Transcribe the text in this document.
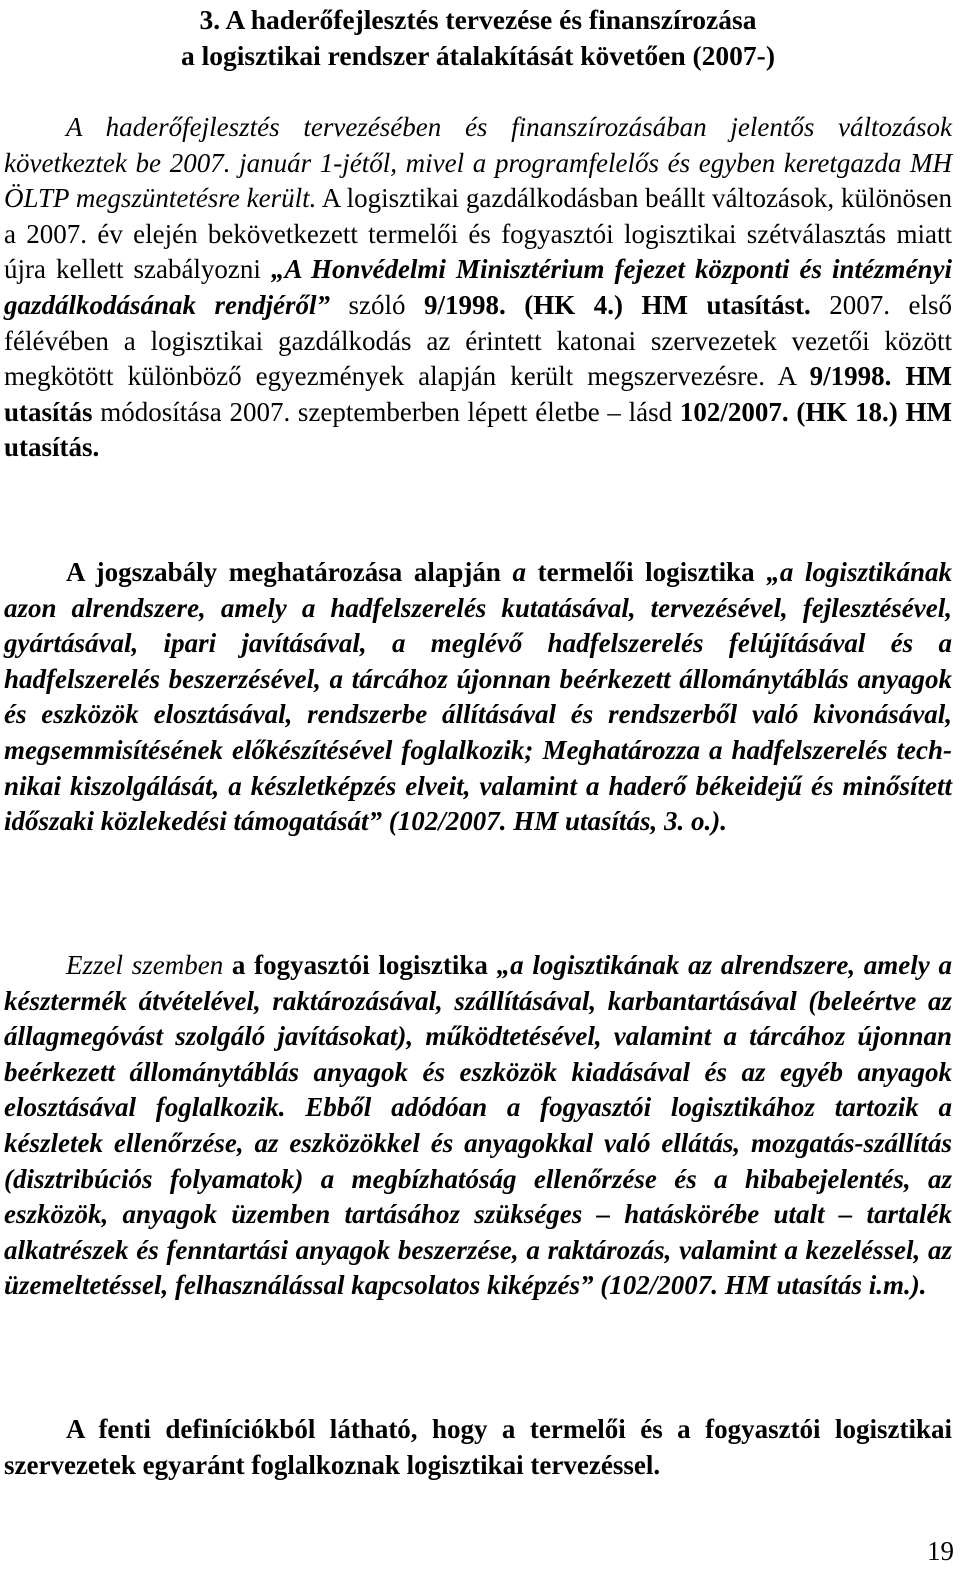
3. A haderőfejlesztés tervezése és finanszírozása
a logisztikai rendszer átalakítását követően (2007-)

A haderőfejlesztés tervezésében és finanszírozásában jelentős változások következtek be 2007. január 1-jétől, mivel a programfelelős és egyben keretgazda MH ÖLTP megszüntetésre került. A logisztikai gazdálkodásban beállt változások, különösen a 2007. év elején bekövetkezett termelői és fogyasztói logisztikai szétválasztás miatt újra kellett szabályozni „A Honvédelmi Minisztérium fejezet központi és intézményi gazdálkodásának rendjéről” szóló 9/1998. (HK 4.) HM utasítást. 2007. első félévében a logisztikai gazdálkodás az érintett katonai szervezetek vezetői között megkötött különböző egyezmények alapján került megszervezésre. A 9/1998. HM utasítás módosítása 2007. szeptemberben lépett életbe – lásd 102/2007. (HK 18.) HM utasítás.

A jogszabály meghatározása alapján a termelői logisztika „a logisztikának azon alrendszere, amely a hadfelszerelés kutatásával, tervezésével, fejlesztésével, gyártásával, ipari javításával, a meglévő hadfelszerelés felújításával és a hadfelszerelés beszerzésével, a tárcához újonnan beérkezett állománytáblás anyagok és eszközök elosztásával, rendszerbe állításával és rendszerből való kivonásával, megsemmisítésének előkészítésével foglalkozik; Meghatározza a hadfelszerelés technikai kiszolgálását, a készletképzés elveit, valamint a haderő békeidejű és minősített időszaki közlekedési támogatását” (102/2007. HM utasítás, 3. o.).

Ezzel szemben a fogyasztói logisztika „a logisztikának az alrendszere, amely a késztermék átvételével, raktározásával, szállításával, karbantartásával (beleértve az állagmegóvást szolgáló javításokat), működtetésével, valamint a tárcához újonnan beérkezett állománytáblás anyagok és eszközök kiadásával és az egyéb anyagok elosztásával foglalkozik. Ebből adódóan a fogyasztói logisztikához tartozik a készletek ellenőrzése, az eszközökkel és anyagokkal való ellátás, mozgatás-szállítás (disztribúciós folyamatok) a megbízhatóság ellenőrzése és a hibabejelentés, az eszközök, anyagok üzemben tartásához szükséges – hatáskörébe utalt – tartalék alkatrészek és fenntartási anyagok beszerzése, a raktározás, valamint a kezeléssel, az üzemeltetéssel, felhasználással kapcsolatos kiképzés” (102/2007. HM utasítás i.m.).

A fenti definíciókból látható, hogy a termelői és a fogyasztói logisztikai szervezetek egyaránt foglalkoznak logisztikai tervezéssel.

19
